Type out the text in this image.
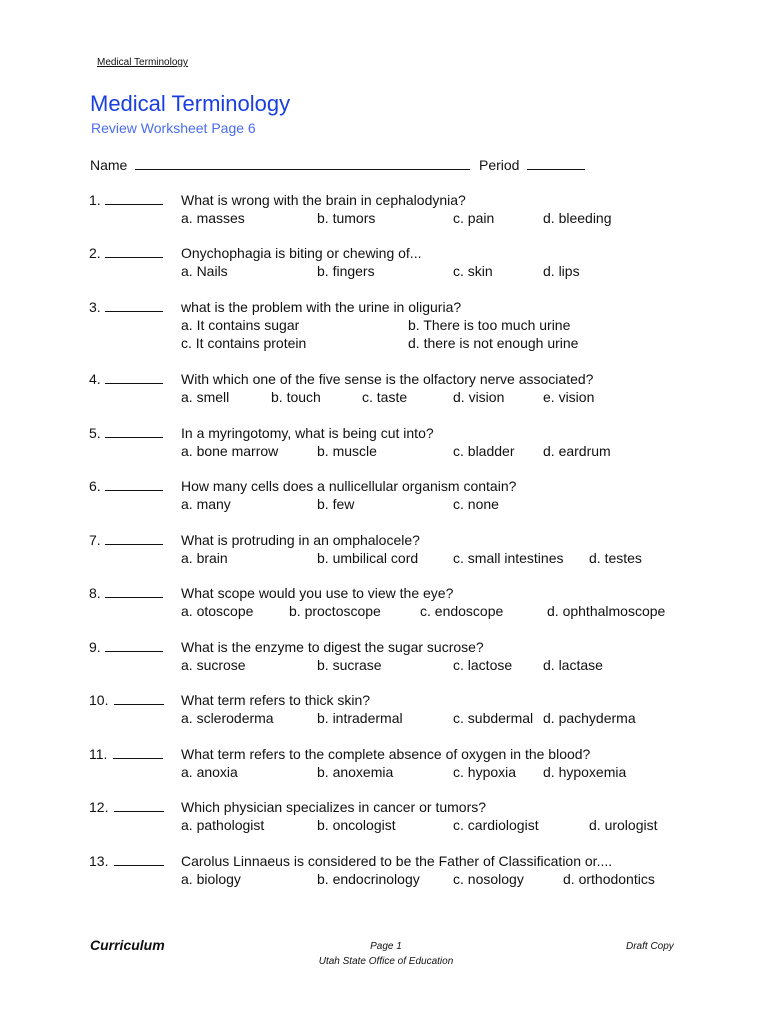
Medical Terminology
Medical Terminology
Review Worksheet Page 6
Name	Period
1.	What is wrong with the brain in cephalodynia?
a. masses	b. tumors	c. pain	d. bleeding
2.	Onychophagia is biting or chewing of...
a. Nails	b. fingers	c. skin	d. lips
3.	what is the problem with the urine in oliguria?
a. It contains sugar	b. There is too much urine
c. It contains protein	d. there is not enough urine
4.	With which one of the five sense is the olfactory nerve associated?
a. smell	b. touch	c. taste	d. vision	e. vision
5.	In a myringotomy, what is being cut into?
a. bone marrow	b. muscle	c. bladder d. eardrum
6.	How many cells does a nullicellular organism contain?
a. many	b. few	c. none
7.	What is protruding in an omphalocele?
a. brain	b. umbilical cord c. small intestines d. testes
8.	What scope would you use to view the eye?
a. otoscope	b. proctoscope	c. endoscope	d. ophthalmoscope
9.	What is the enzyme to digest the sugar sucrose?
a. sucrose	b. sucrase	c. lactose d. lactase
10.	What term refers to thick skin?
a. scleroderma	b. intradermal	c. subdermal d. pachyderma
11.	What term refers to the complete absence of oxygen in the blood?
a. anoxia	b. anoxemia	c. hypoxia d. hypoxemia
12.	Which physician specializes in cancer or tumors?
a. pathologist	b. oncologist	c. cardiologist	d. urologist
13.	Carolus Linnaeus is considered to be the Father of Classification or....
a. biology	b. endocrinology c. nosology	d. orthodontics
Curriculum	Page 1
Utah State Office of Education
Draft Copy
